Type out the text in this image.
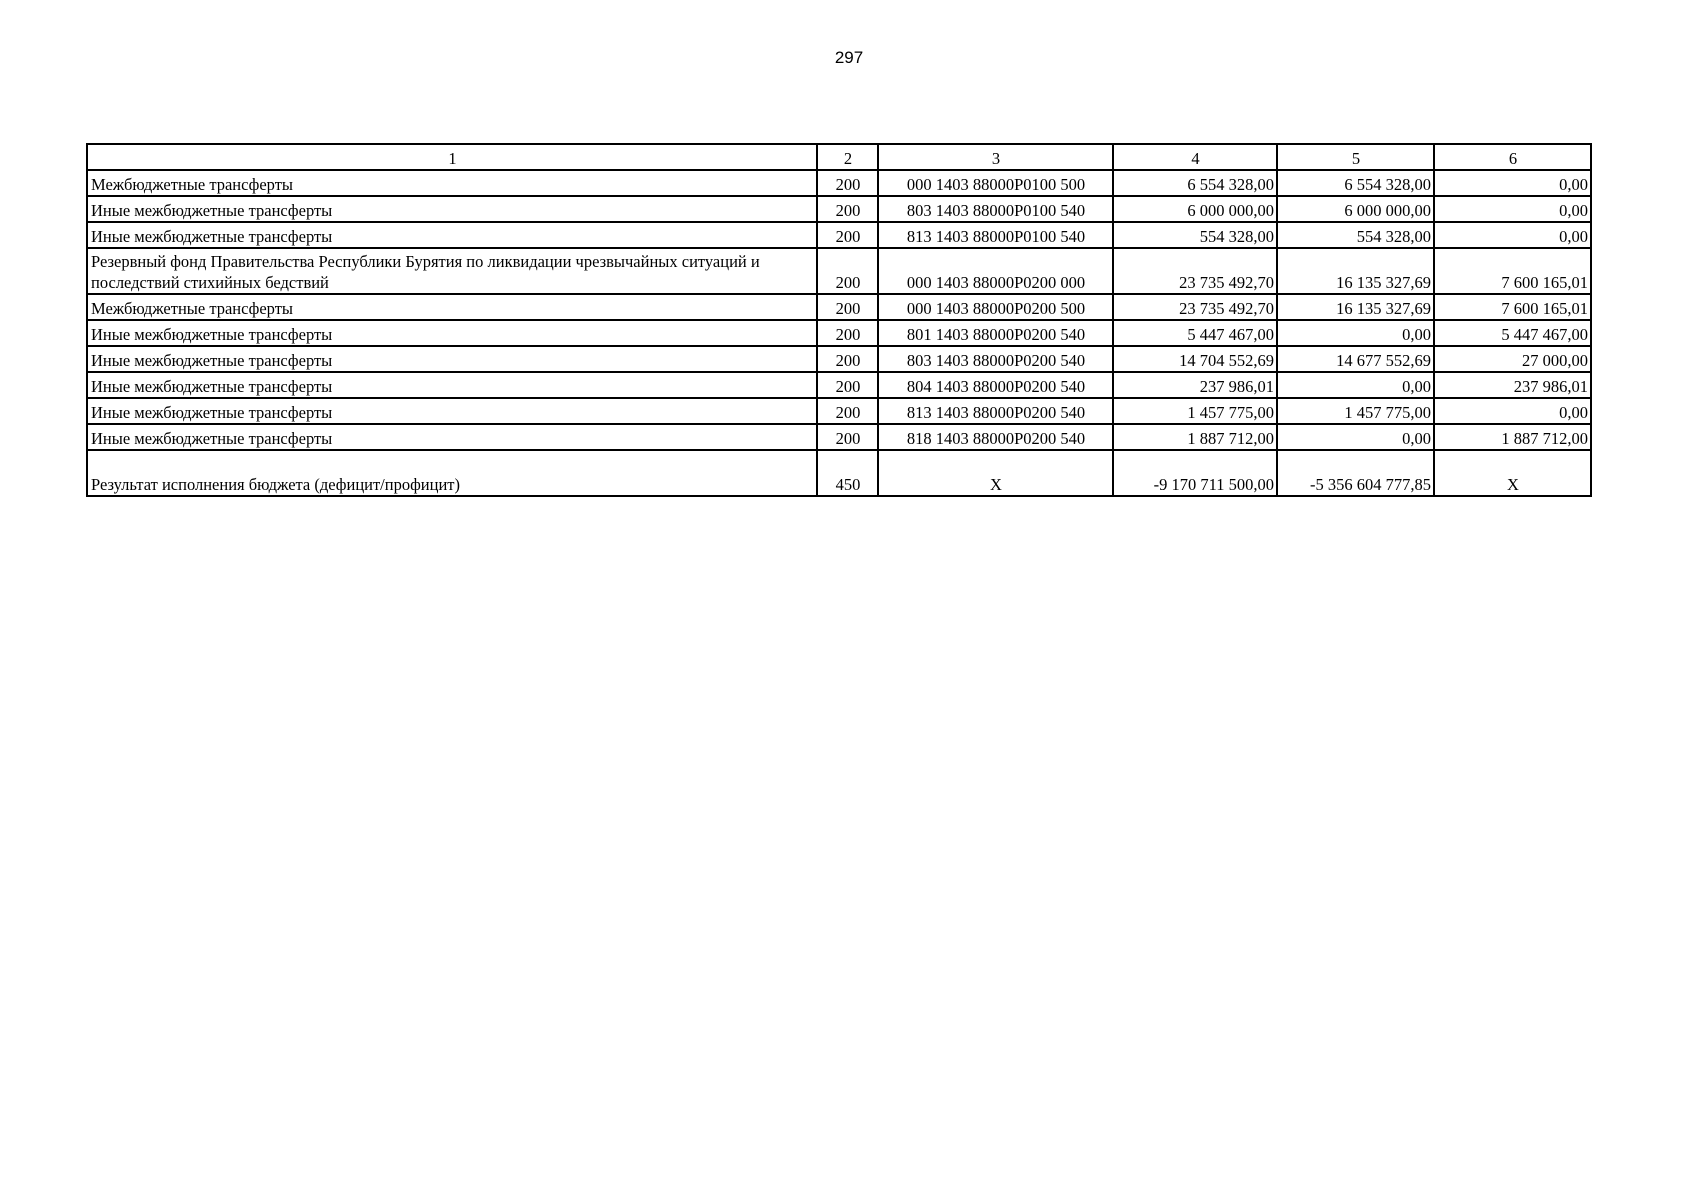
297
1	2	3	4	5	6
Межбюджетные трансферты	200	000 1403 88000P0100 500	6 554 328,00	6 554 328,00	0,00
Иные межбюджетные трансферты	200	803 1403 88000P0100 540	6 000 000,00	6 000 000,00	0,00
Иные межбюджетные трансферты	200	813 1403 88000P0100 540	554 328,00	554 328,00	0,00
Резервный фонд Правительства Республики Бурятия по ликвидации чрезвычайных ситуаций и последствий стихийных бедствий	200	000 1403 88000P0200 000	23 735 492,70	16 135 327,69	7 600 165,01
Межбюджетные трансферты	200	000 1403 88000P0200 500	23 735 492,70	16 135 327,69	7 600 165,01
Иные межбюджетные трансферты	200	801 1403 88000P0200 540	5 447 467,00	0,00	5 447 467,00
Иные межбюджетные трансферты	200	803 1403 88000P0200 540	14 704 552,69	14 677 552,69	27 000,00
Иные межбюджетные трансферты	200	804 1403 88000P0200 540	237 986,01	0,00	237 986,01
Иные межбюджетные трансферты	200	813 1403 88000P0200 540	1 457 775,00	1 457 775,00	0,00
Иные межбюджетные трансферты	200	818 1403 88000P0200 540	1 887 712,00	0,00	1 887 712,00
Результат исполнения бюджета (дефицит/профицит)	450	X	-9 170 711 500,00	-5 356 604 777,85	X
